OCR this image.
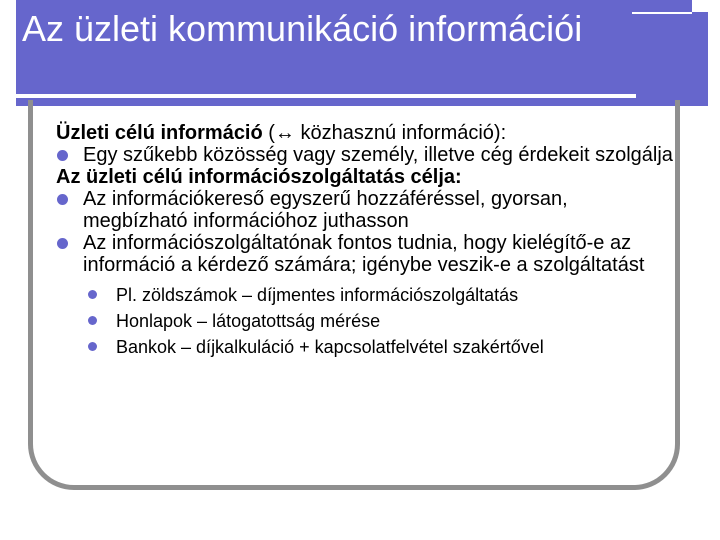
Az üzleti kommunikáció információi

Üzleti célú információ (↔ közhasznú információ):

Egy szűkebb közösség vagy személy, illetve cég érdekeit szolgálja

Az üzleti célú információszolgáltatás célja:

Az információkereső egyszerű hozzáféréssel, gyorsan, megbízható információhoz juthasson

Az információszolgáltatónak fontos tudnia, hogy kielégítő-e az információ a kérdező számára; igénybe veszik-e a szolgáltatást

Pl. zöldszámok – díjmentes információszolgáltatás

Honlapok – látogatottság mérése

Bankok – díjkalkuláció + kapcsolatfelvétel szakértővel
